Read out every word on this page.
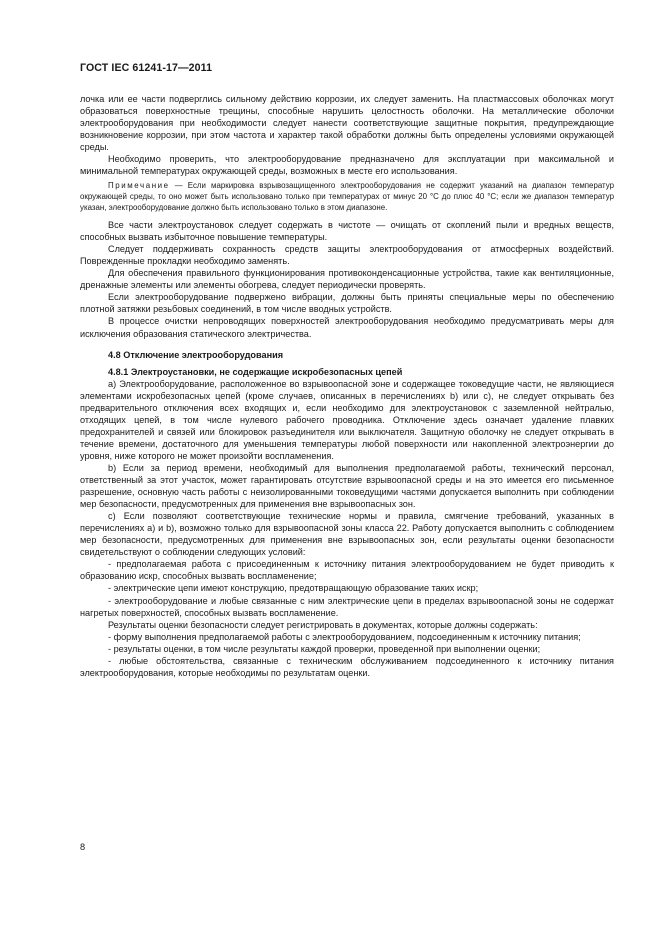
ГОСТ IEC 61241-17—2011

лочка или ее части подверглись сильному действию коррозии, их следует заменить. На пластмассовых оболочках могут образоваться поверхностные трещины, способные нарушить целостность оболочки. На металлические оболочки электрооборудования при необходимости следует нанести соответствующие защитные покрытия, предупреждающие возникновение коррозии, при этом частота и характер такой обработки должны быть определены условиями окружающей среды.

Необходимо проверить, что электрооборудование предназначено для эксплуатации при максимальной и минимальной температурах окружающей среды, возможных в месте его использования.

Примечание — Если маркировка взрывозащищенного электрооборудования не содержит указаний на диапазон температур окружающей среды, то оно может быть использовано только при температурах от минус 20 °С до плюс 40 °С; если же диапазон температур указан, электрооборудование должно быть использовано только в этом диапазоне.

Все части электроустановок следует содержать в чистоте — очищать от скоплений пыли и вредных веществ, способных вызвать избыточное повышение температуры.

Следует поддерживать сохранность средств защиты электрооборудования от атмосферных воздействий. Поврежденные прокладки необходимо заменять.

Для обеспечения правильного функционирования противоконденсационные устройства, такие как вентиляционные, дренажные элементы или элементы обогрева, следует периодически проверять.

Если электрооборудование подвержено вибрации, должны быть приняты специальные меры по обеспечению плотной затяжки резьбовых соединений, в том числе вводных устройств.

В процессе очистки непроводящих поверхностей электрооборудования необходимо предусматривать меры для исключения образования статического электричества.

4.8 Отключение электрооборудования

4.8.1 Электроустановки, не содержащие искробезопасных цепей

a) Электрооборудование, расположенное во взрывоопасной зоне и содержащее токоведущие части, не являющиеся элементами искробезопасных цепей (кроме случаев, описанных в перечислениях b) или с), не следует открывать без предварительного отключения всех входящих и, если необходимо для электроустановок с заземленной нейтралью, отходящих цепей, в том числе нулевого рабочего проводника. Отключение здесь означает удаление плавких предохранителей и связей или блокировок разъединителя или выключателя. Защитную оболочку не следует открывать в течение времени, достаточного для уменьшения температуры любой поверхности или накопленной электроэнергии до уровня, ниже которого не может произойти воспламенения.

b) Если за период времени, необходимый для выполнения предполагаемой работы, технический персонал, ответственный за этот участок, может гарантировать отсутствие взрывоопасной среды и на это имеется его письменное разрешение, основную часть работы с неизолированными токоведущими частями допускается выполнить при соблюдении мер безопасности, предусмотренных для применения вне взрывоопасных зон.

c) Если позволяют соответствующие технические нормы и правила, смягчение требований, указанных в перечислениях a) и b), возможно только для взрывоопасной зоны класса 22. Работу допускается выполнить с соблюдением мер безопасности, предусмотренных для применения вне взрывоопасных зон, если результаты оценки безопасности свидетельствуют о соблюдении следующих условий:

- предполагаемая работа с присоединенным к источнику питания электрооборудованием не будет приводить к образованию искр, способных вызвать воспламенение;

- электрические цепи имеют конструкцию, предотвращающую образование таких искр;

- электрооборудование и любые связанные с ним электрические цепи в пределах взрывоопасной зоны не содержат нагретых поверхностей, способных вызвать воспламенение.

Результаты оценки безопасности следует регистрировать в документах, которые должны содержать:

- форму выполнения предполагаемой работы с электрооборудованием, подсоединенным к источнику питания;

- результаты оценки, в том числе результаты каждой проверки, проведенной при выполнении оценки;

- любые обстоятельства, связанные с техническим обслуживанием подсоединенного к источнику питания электрооборудования, которые необходимы по результатам оценки.

8
